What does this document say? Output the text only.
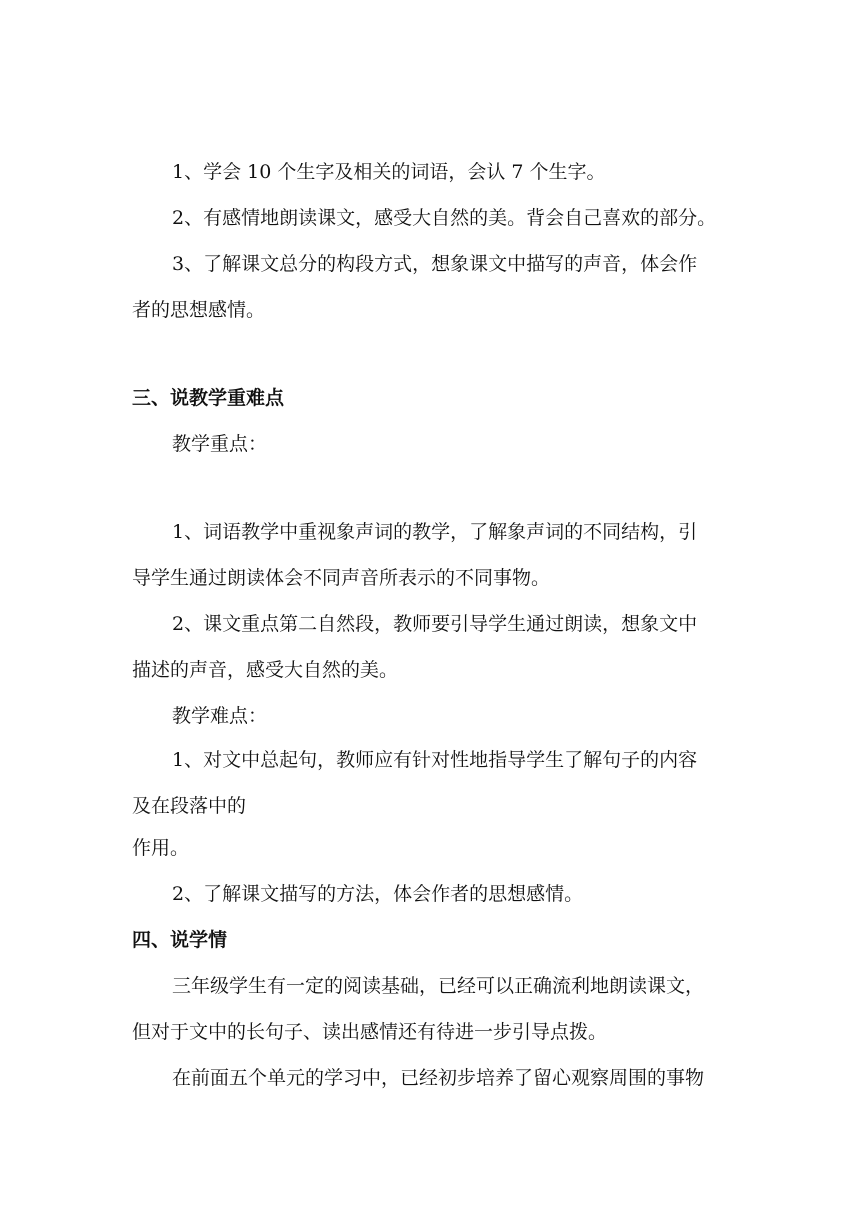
1、学会 10 个生字及相关的词语，会认 7 个生字。
2、有感情地朗读课文，感受大自然的美。背会自己喜欢的部分。
3、了解课文总分的构段方式，想象课文中描写的声音，体会作
者的思想感情。
三、说教学重难点
教学重点：
1、词语教学中重视象声词的教学，了解象声词的不同结构，引
导学生通过朗读体会不同声音所表示的不同事物。
2、课文重点第二自然段，教师要引导学生通过朗读，想象文中
描述的声音，感受大自然的美。
教学难点：
1、对文中总起句，教师应有针对性地指导学生了解句子的内容
及在段落中的
作用。
2、了解课文描写的方法，体会作者的思想感情。
四、说学情
三年级学生有一定的阅读基础，已经可以正确流利地朗读课文，
但对于文中的长句子、读出感情还有待进一步引导点拨。
在前面五个单元的学习中，已经初步培养了留心观察周围的事物
